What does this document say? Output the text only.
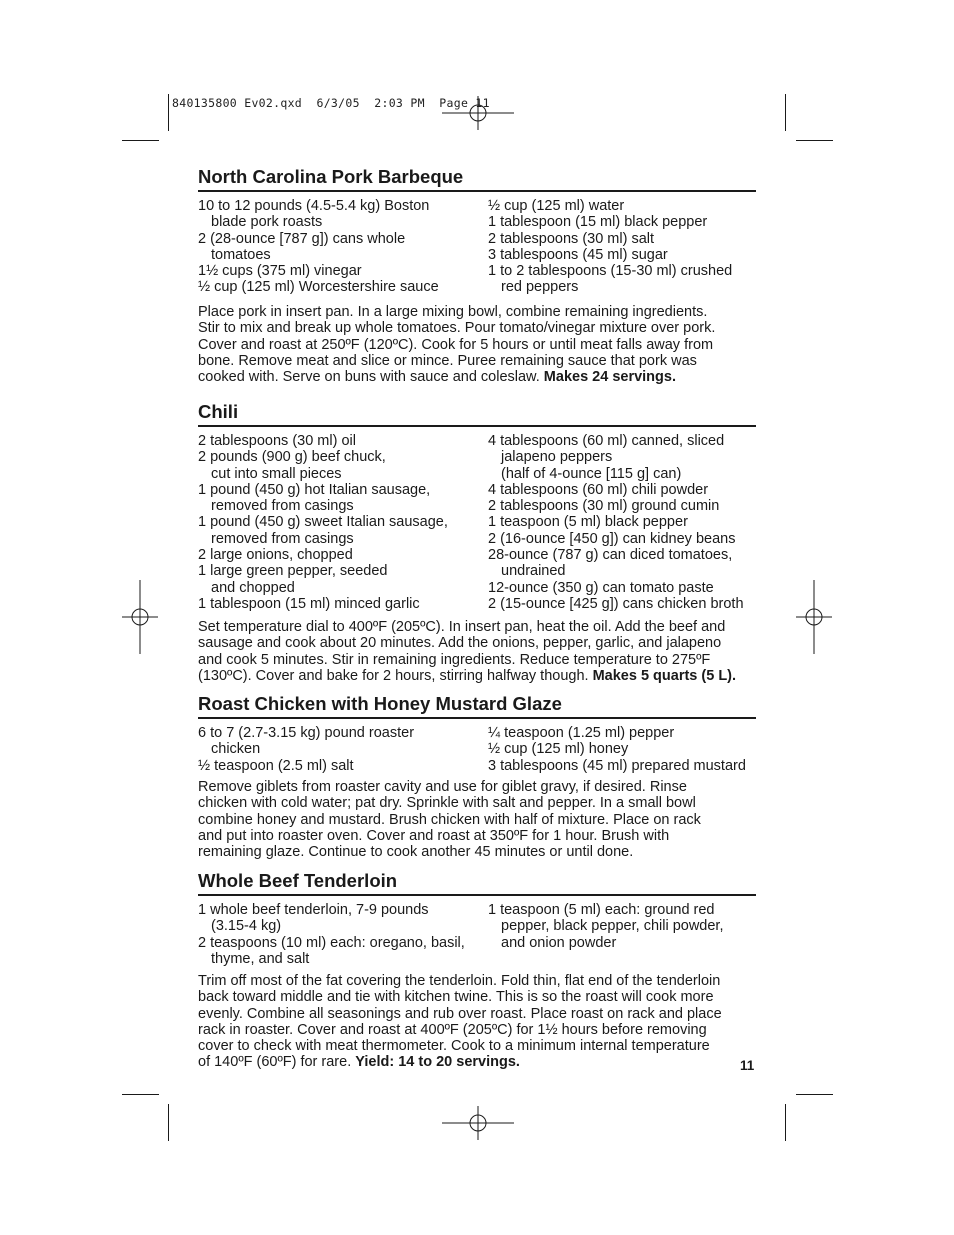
840135800 Ev02.qxd  6/3/05  2:03 PM  Page 11
North Carolina Pork Barbeque
10 to 12 pounds (4.5-5.4 kg) Boston
blade pork roasts
2 (28-ounce [787 g]) cans whole
tomatoes
1½ cups (375 ml) vinegar
½ cup (125 ml) Worcestershire sauce
½ cup (125 ml) water
1 tablespoon (15 ml) black pepper
2 tablespoons (30 ml) salt
3 tablespoons (45 ml) sugar
1 to 2 tablespoons (15-30 ml) crushed
red peppers

Place pork in insert pan. In a large mixing bowl, combine remaining ingredients.
Stir to mix and break up whole tomatoes. Pour tomato/vinegar mixture over pork.
Cover and roast at 250ºF (120ºC). Cook for 5 hours or until meat falls away from
bone. Remove meat and slice or mince. Puree remaining sauce that pork was
cooked with. Serve on buns with sauce and coleslaw. Makes 24 servings.

Chili
2 tablespoons (30 ml) oil
2 pounds (900 g) beef chuck,
cut into small pieces
1 pound (450 g) hot Italian sausage,
removed from casings
1 pound (450 g) sweet Italian sausage,
removed from casings
2 large onions, chopped
1 large green pepper, seeded
and chopped
1 tablespoon (15 ml) minced garlic
4 tablespoons (60 ml) canned, sliced
jalapeno peppers
(half of 4-ounce [115 g] can)
4 tablespoons (60 ml) chili powder
2 tablespoons (30 ml) ground cumin
1 teaspoon (5 ml) black pepper
2 (16-ounce [450 g]) can kidney beans
28-ounce (787 g) can diced tomatoes,
undrained
12-ounce (350 g) can tomato paste
2 (15-ounce [425 g]) cans chicken broth

Set temperature dial to 400ºF (205ºC). In insert pan, heat the oil. Add the beef and
sausage and cook about 20 minutes. Add the onions, pepper, garlic, and jalapeno
and cook 5 minutes. Stir in remaining ingredients. Reduce temperature to 275ºF
(130ºC). Cover and bake for 2 hours, stirring halfway though. Makes 5 quarts (5 L).

Roast Chicken with Honey Mustard Glaze
6 to 7 (2.7-3.15 kg) pound roaster
chicken
½ teaspoon (2.5 ml) salt
¼ teaspoon (1.25 ml) pepper
½ cup (125 ml) honey
3 tablespoons (45 ml) prepared mustard

Remove giblets from roaster cavity and use for giblet gravy, if desired. Rinse
chicken with cold water; pat dry. Sprinkle with salt and pepper. In a small bowl
combine honey and mustard. Brush chicken with half of mixture. Place on rack
and put into roaster oven. Cover and roast at 350ºF for 1 hour. Brush with
remaining glaze. Continue to cook another 45 minutes or until done.

Whole Beef Tenderloin
1 whole beef tenderloin, 7-9 pounds
(3.15-4 kg)
2 teaspoons (10 ml) each: oregano, basil,
thyme, and salt
1 teaspoon (5 ml) each: ground red
pepper, black pepper, chili powder,
and onion powder

Trim off most of the fat covering the tenderloin. Fold thin, flat end of the tenderloin
back toward middle and tie with kitchen twine. This is so the roast will cook more
evenly. Combine all seasonings and rub over roast. Place roast on rack and place
rack in roaster. Cover and roast at 400ºF (205ºC) for 1½ hours before removing
cover to check with meat thermometer. Cook to a minimum internal temperature
of 140ºF (60ºF) for rare. Yield: 14 to 20 servings.	11
